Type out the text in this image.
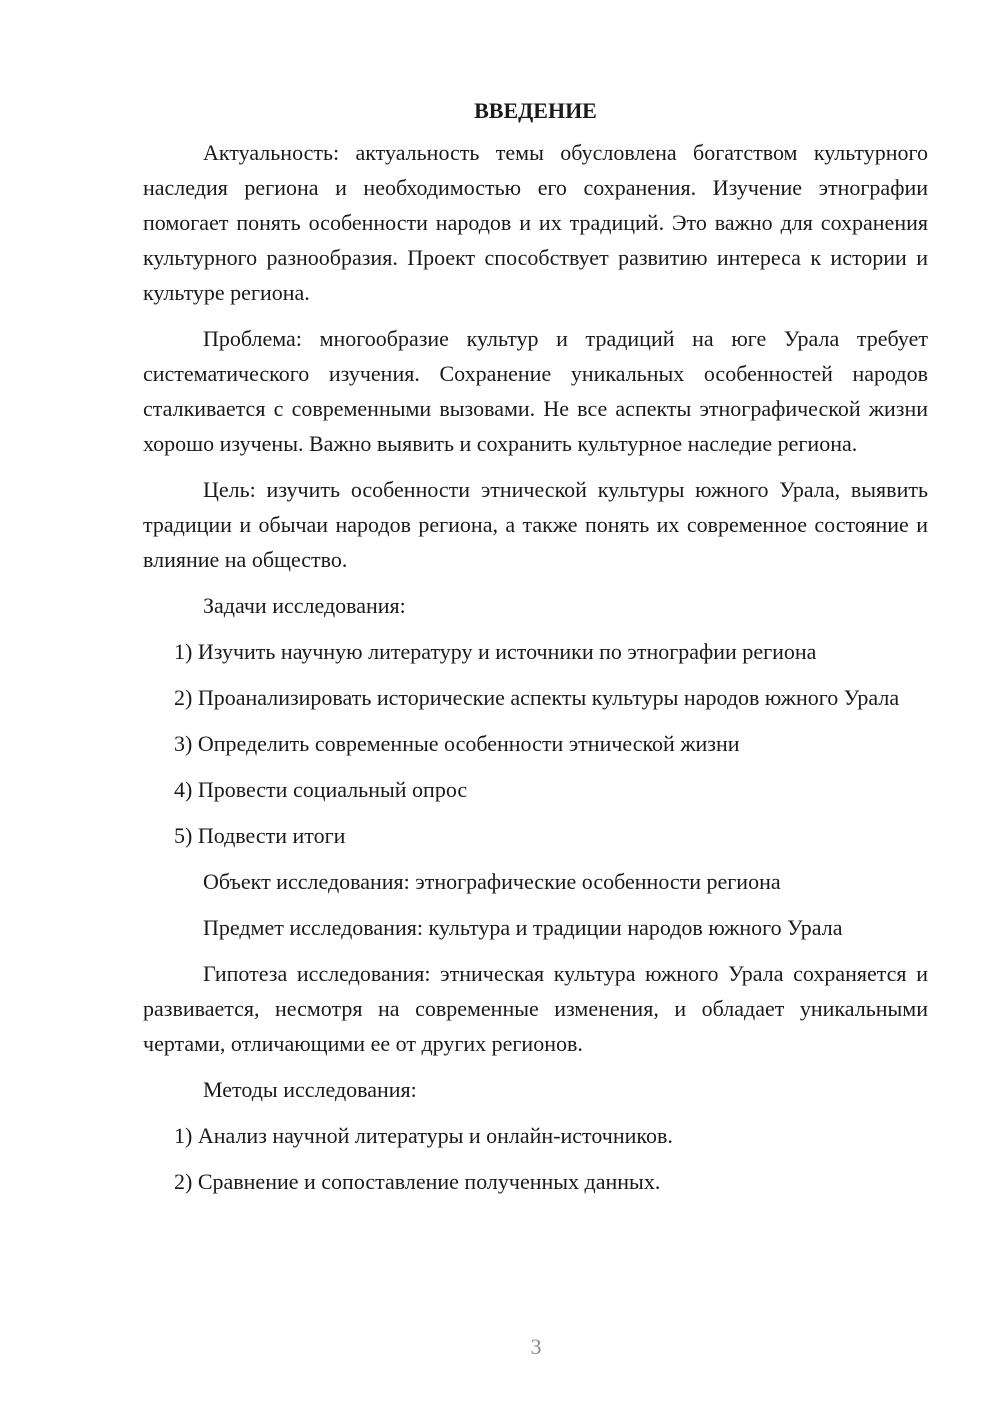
ВВЕДЕНИЕ

Актуальность: актуальность темы обусловлена богатством культурного наследия региона и необходимостью его сохранения. Изучение этнографии помогает понять особенности народов и их традиций. Это важно для сохранения культурного разнообразия. Проект способствует развитию интереса к истории и культуре региона.

Проблема: многообразие культур и традиций на юге Урала требует систематического изучения. Сохранение уникальных особенностей народов сталкивается с современными вызовами. Не все аспекты этнографической жизни хорошо изучены. Важно выявить и сохранить культурное наследие региона.

Цель: изучить особенности этнической культуры южного Урала, выявить традиции и обычаи народов региона, а также понять их современное состояние и влияние на общество.

Задачи исследования:

1) Изучить научную литературу и источники по этнографии региона

2) Проанализировать исторические аспекты культуры народов южного Урала

3) Определить современные особенности этнической жизни

4) Провести социальный опрос

5) Подвести итоги

Объект исследования: этнографические особенности региона

Предмет исследования: культура и традиции народов южного Урала

Гипотеза исследования: этническая культура южного Урала сохраняется и развивается, несмотря на современные изменения, и обладает уникальными чертами, отличающими ее от других регионов.

Методы исследования:

1) Анализ научной литературы и онлайн-источников.

2) Сравнение и сопоставление полученных данных.

3
